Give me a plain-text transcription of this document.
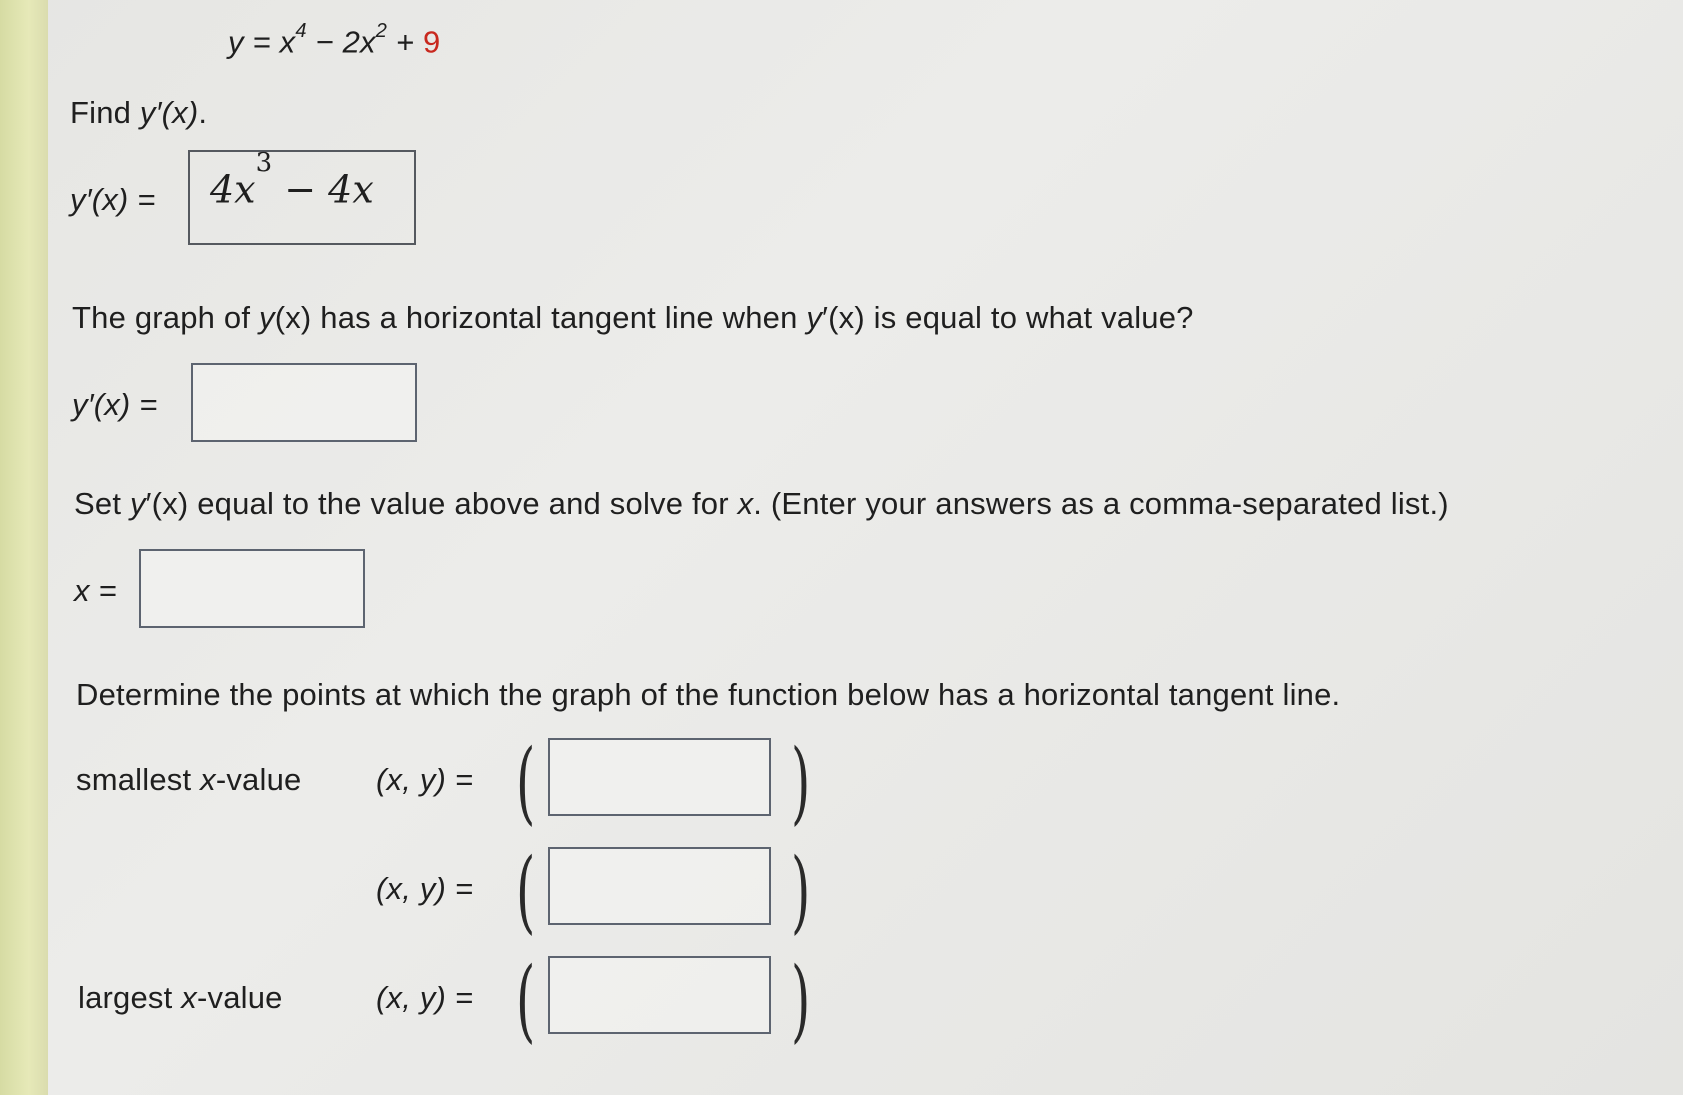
$y = x^4 - 2x^2 + 9$
Find y′(x).
y′(x) =	$4x^3 - 4x$
The graph of y(x) has a horizontal tangent line when y′(x) is equal to what value?
y′(x) =
Set y′(x) equal to the value above and solve for x. (Enter your answers as a comma-separated list.)
x =
Determine the points at which the graph of the function below has a horizontal tangent line.
smallest x-value (x, y) = (	)
(x, y) = (	)
largest x-value	(x, y) = (	)
